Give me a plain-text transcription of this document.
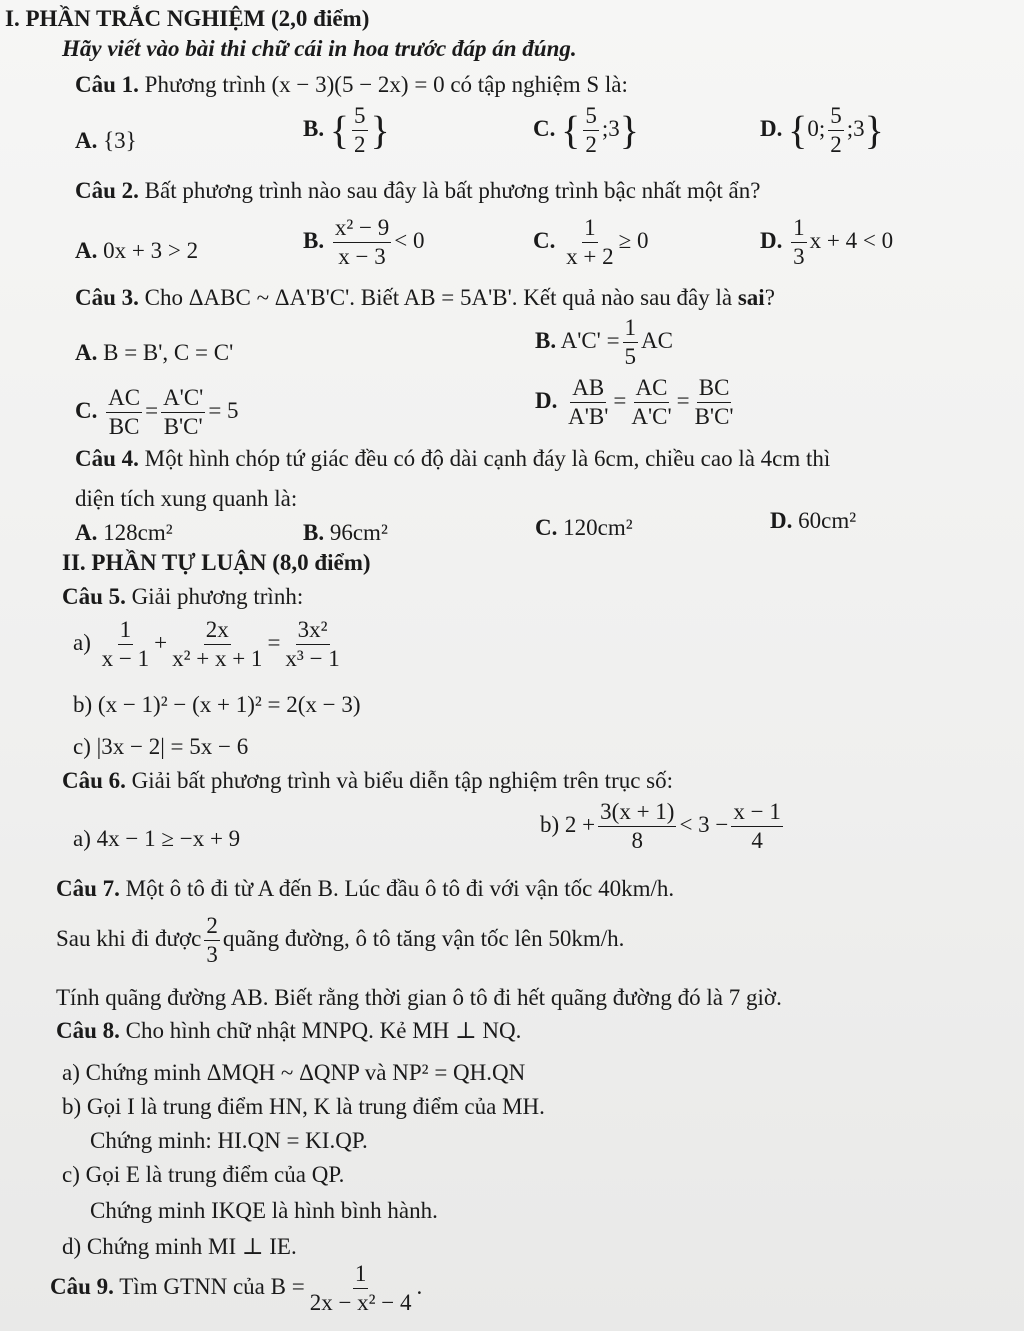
I. PHẦN TRẮC NGHIỆM (2,0 điểm)
Hãy viết vào bài thi chữ cái in hoa trước đáp án đúng.
Câu 1. Phương trình (x − 3)(5 − 2x) = 0 có tập nghiệm S là:
A. {3}	B. { $\frac{5}{2}$ }	C. { $\frac{5}{2}$ ;3}	D. {0; $\frac{5}{2}$ ;3}
Câu 2. Bất phương trình nào sau đây là bất phương trình bậc nhất một ẩn?
A. 0x + 3 > 2	B. $\frac{\text{x² − 9}}{x - 3} < 0$	C. $\frac{1}{x + 2} \ge 0$	D. $\frac{1}{3}$ x + 4 < 0
Câu 3. Cho ΔABC ~ ΔA'B'C'. Biết AB = 5A'B'. Kết quả nào sau đây là sai?
A. B = B', C = C'	B. $A'C' = \frac{1}{5}$ AC
C. $\frac{AC}{BC} = \frac{A'C'}{B'C'} = 5$	D. $\frac{AB}{A'B'} = \frac{AC}{A'C'} = \frac{BC}{B'C'}$
Câu 4. Một hình chóp tứ giác đều có độ dài cạnh đáy là 6cm, chiều cao là 4cm thì
diện tích xung quanh là:
A. 128cm²	B. 96cm²	C. 120cm²	D. 60cm²
II. PHẦN TỰ LUẬN (8,0 điểm)
Câu 5. Giải phương trình:
$a) \frac{1}{x - 1} + \frac{2x}{\text{x² + x + 1}} = \frac{\text{3x²}}{\text{x³ − 1}}$
b) (x − 1)² − (x + 1)² = 2(x − 3)
c) |3x − 2| = 5x − 6
Câu 6. Giải bất phương trình và biểu diễn tập nghiệm trên trục số:
a) 4x − 1 ≥ −x + 9
b) $2 + \frac{3(x + 1)}{8} < 3 - \frac{x - 1}{4}$
Câu 7. Một ô tô đi từ A đến B. Lúc đầu ô tô đi với vận tốc 40km/h.
Sau khi đi được $\frac{2}{3}$ quãng đường, ô tô tăng vận tốc lên 50km/h.
Tính quãng đường AB. Biết rằng thời gian ô tô đi hết quãng đường đó là 7 giờ.
Câu 8. Cho hình chữ nhật MNPQ. Kẻ MH ⊥ NQ.
a) Chứng minh ΔMQH ~ ΔQNP và NP² = QH.QN
b) Gọi I là trung điểm HN, K là trung điểm của MH.
Chứng minh: HI.QN = KI.QP.
c) Gọi E là trung điểm của QP.
Chứng minh IKQE là hình bình hành.
d) Chứng minh MI ⊥ IE.
Câu 9. Tìm GTNN của $B = \frac{1}{\text{2x − x² − 4}}$ .
